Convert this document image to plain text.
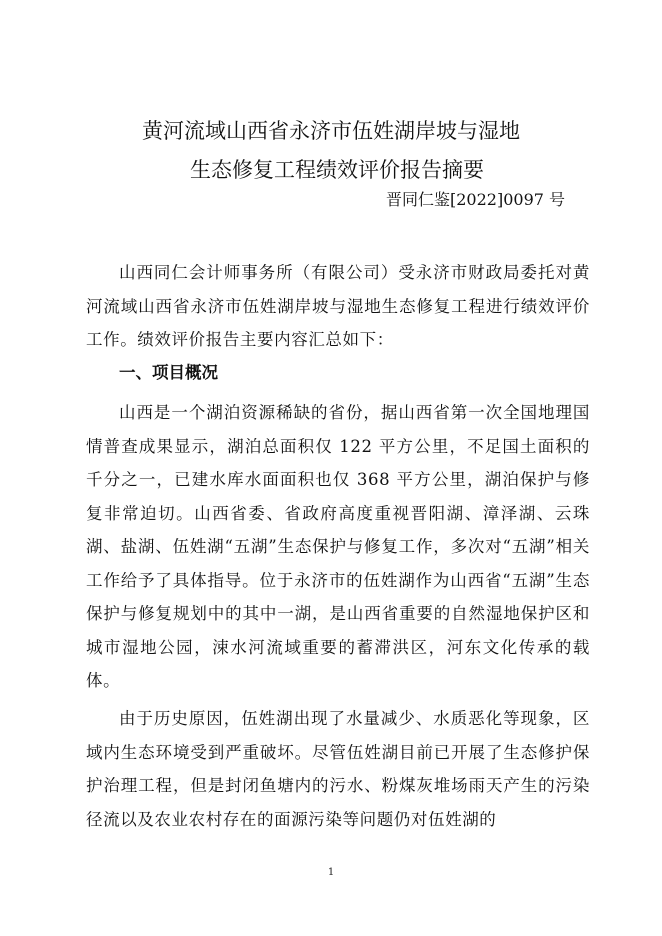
黄河流域山西省永济市伍姓湖岸坡与湿地
生态修复工程绩效评价报告摘要
晋同仁鉴[2022]0097 号

山西同仁会计师事务所（有限公司）受永济市财政局委托对黄河流域山西省永济市伍姓湖岸坡与湿地生态修复工程进行绩效评价工作。绩效评价报告主要内容汇总如下：

一、项目概况

山西是一个湖泊资源稀缺的省份，据山西省第一次全国地理国情普查成果显示，湖泊总面积仅 122 平方公里，不足国土面积的千分之一，已建水库水面面积也仅 368 平方公里，湖泊保护与修复非常迫切。山西省委、省政府高度重视晋阳湖、漳泽湖、云珠湖、盐湖、伍姓湖“五湖”生态保护与修复工作，多次对“五湖”相关工作给予了具体指导。位于永济市的伍姓湖作为山西省“五湖”生态保护与修复规划中的其中一湖，是山西省重要的自然湿地保护区和城市湿地公园，涑水河流域重要的蓄滞洪区，河东文化传承的载体。

由于历史原因，伍姓湖出现了水量减少、水质恶化等现象，区域内生态环境受到严重破坏。尽管伍姓湖目前已开展了生态修护保护治理工程，但是封闭鱼塘内的污水、粉煤灰堆场雨天产生的污染径流以及农业农村存在的面源污染等问题仍对伍姓湖的

1
